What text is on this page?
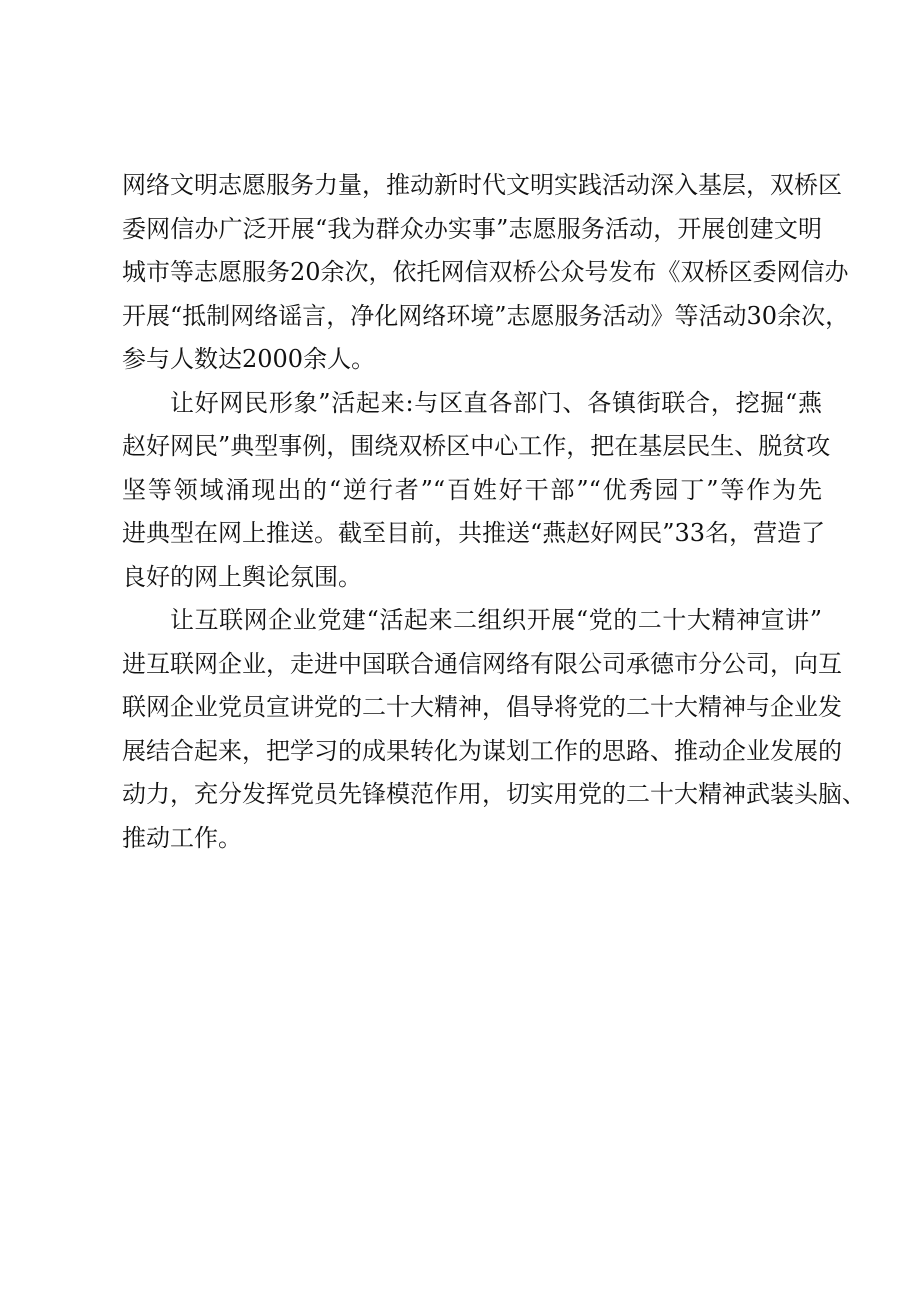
网络文明志愿服务力量，推动新时代文明实践活动深入基层，双桥区
委网信办广泛开展“我为群众办实事”志愿服务活动，开展创建文明
城市等志愿服务20余次，依托网信双桥公众号发布《双桥区委网信办
开展“抵制网络谣言，净化网络环境”志愿服务活动》等活动30余次，
参与人数达2000余人。
让好网民形象”活起来:与区直各部门、各镇街联合，挖掘“燕
赵好网民”典型事例，围绕双桥区中心工作，把在基层民生、脱贫攻
坚等领域涌现出的“逆行者”“百姓好干部”“优秀园丁”等作为先
进典型在网上推送。截至目前，共推送“燕赵好网民”33名，营造了
良好的网上舆论氛围。
让互联网企业党建“活起来二组织开展“党的二十大精神宣讲”
进互联网企业，走进中国联合通信网络有限公司承德市分公司，向互
联网企业党员宣讲党的二十大精神，倡导将党的二十大精神与企业发
展结合起来，把学习的成果转化为谋划工作的思路、推动企业发展的
动力，充分发挥党员先锋模范作用，切实用党的二十大精神武装头脑、
推动工作。
